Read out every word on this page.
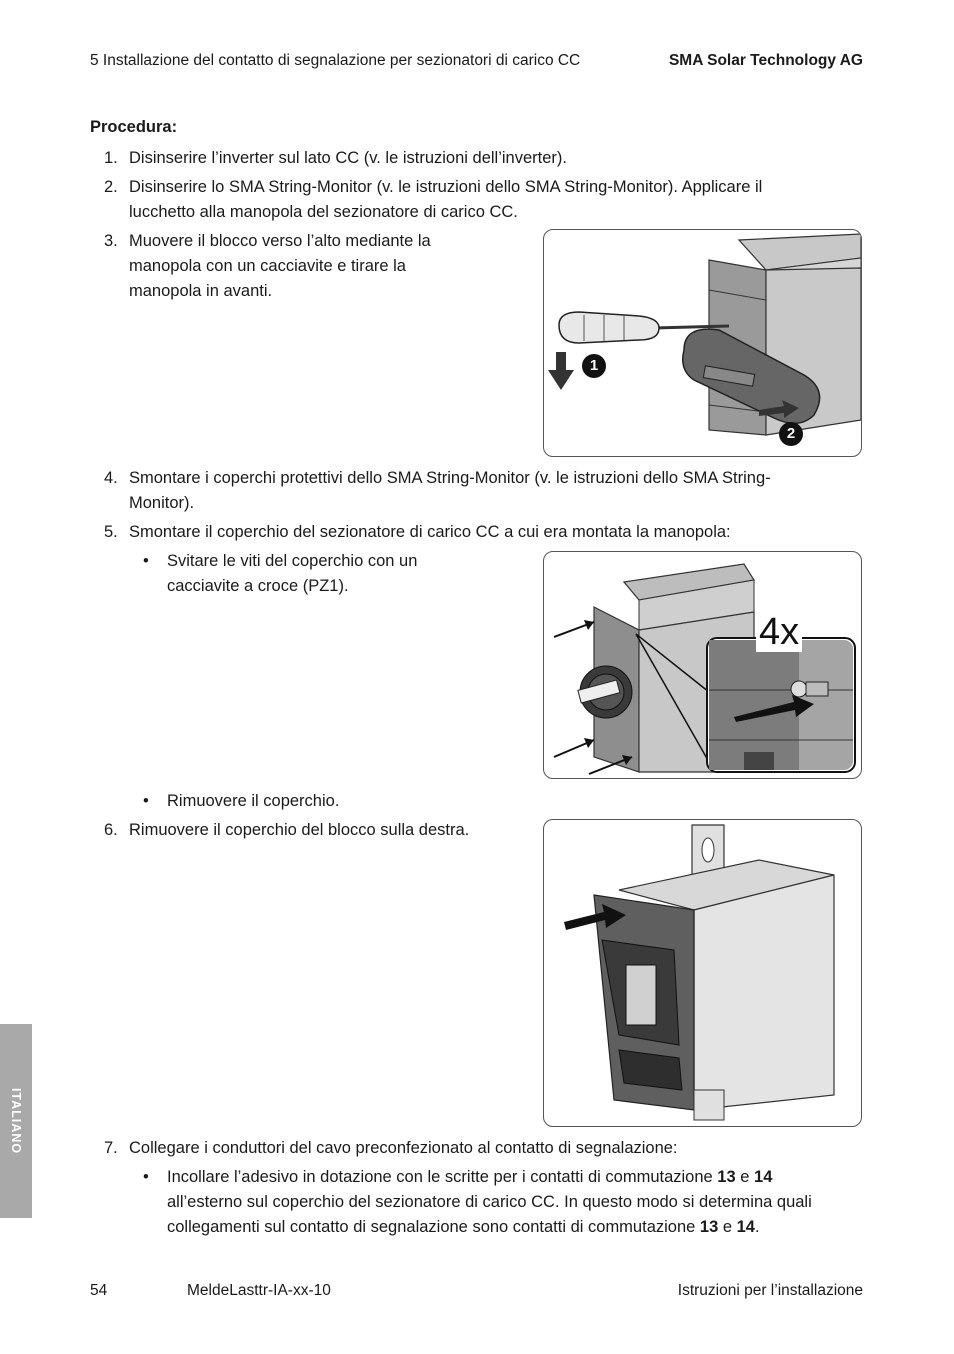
5 Installazione del contatto di segnalazione per sezionatori di carico CC	SMA Solar Technology AG
Procedura:
1. Disinserire l’inverter sul lato CC (v. le istruzioni dell’inverter).
2. Disinserire lo SMA String-Monitor (v. le istruzioni dello SMA String-Monitor). Applicare il
lucchetto alla manopola del sezionatore di carico CC.
3. Muovere il blocco verso l’alto mediante la
manopola con un cacciavite e tirare la
manopola in avanti.
1
2
4. Smontare i coperchi protettivi dello SMA String-Monitor (v. le istruzioni dello SMA String-
Monitor).
5. Smontare il coperchio del sezionatore di carico CC a cui era montata la manopola:
• Svitare le viti del coperchio con un
cacciavite a croce (PZ1).
4x
• Rimuovere il coperchio.
6. Rimuovere il coperchio del blocco sulla destra.
7. Collegare i conduttori del cavo preconfezionato al contatto di segnalazione:
• Incollare l’adesivo in dotazione con le scritte per i contatti di commutazione 13 e 14
all’esterno sul coperchio del sezionatore di carico CC. In questo modo si determina quali
collegamenti sul contatto di segnalazione sono contatti di commutazione 13 e 14.
ITALIANO
54	MeldeLasttr-IA-xx-10	Istruzioni per l’installazione
